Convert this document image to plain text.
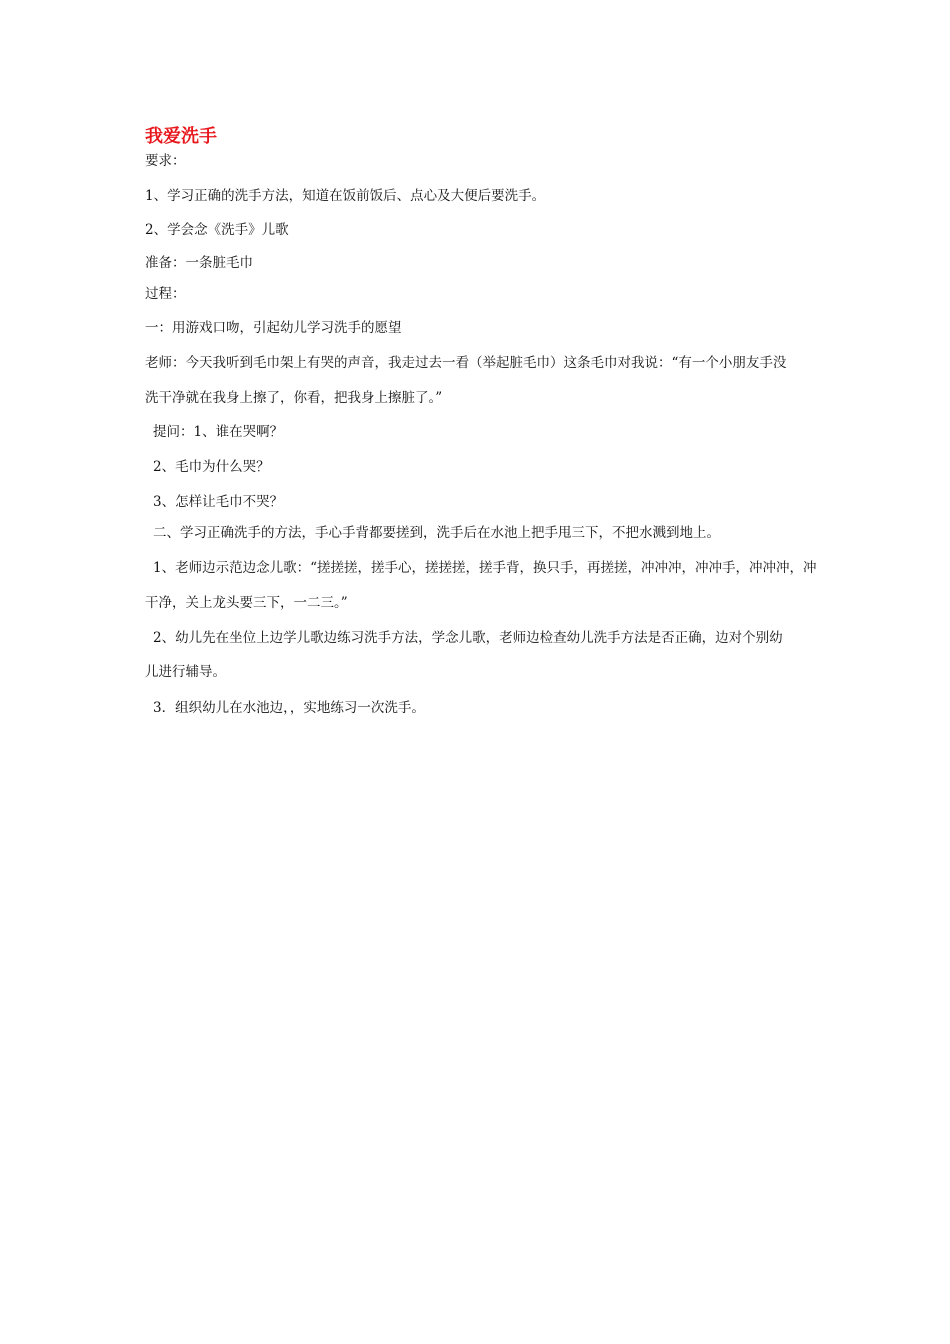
我爱洗手
要求：
1、学习正确的洗手方法，知道在饭前饭后、点心及大便后要洗手。
2、学会念《洗手》儿歌
准备：一条脏毛巾
过程：
一：用游戏口吻，引起幼儿学习洗手的愿望
老师：今天我听到毛巾架上有哭的声音，我走过去一看（举起脏毛巾）这条毛巾对我说：“有一个小朋友手没
洗干净就在我身上擦了，你看，把我身上擦脏了。”
提问：1、谁在哭啊？
2、毛巾为什么哭？
3、怎样让毛巾不哭？
二、学习正确洗手的方法，手心手背都要搓到，洗手后在水池上把手甩三下，不把水溅到地上。
1、老师边示范边念儿歌：“搓搓搓，搓手心，搓搓搓，搓手背，换只手，再搓搓，冲冲冲，冲冲手，冲冲冲，冲
干净，关上龙头要三下，一二三。”
2、幼儿先在坐位上边学儿歌边练习洗手方法，学念儿歌，老师边检查幼儿洗手方法是否正确，边对个别幼
儿进行辅导。
3．组织幼儿在水池边，，实地练习一次洗手。
